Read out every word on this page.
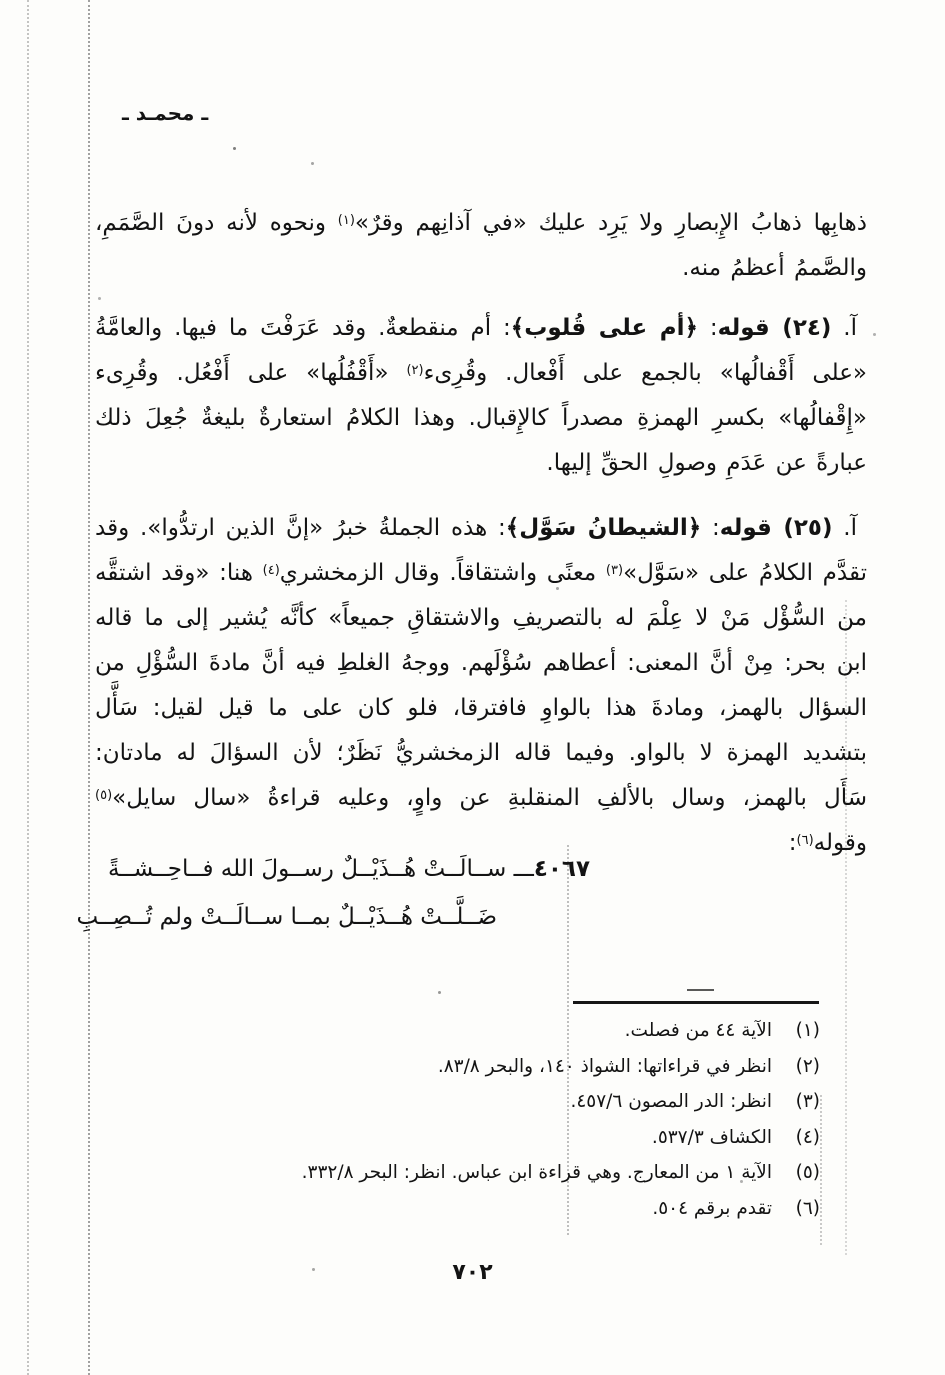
ـ محمـد ـ

ذهابِها ذهابُ الإِبصارِ ولا يَرِد عليك «في آذانِهم وقرٌ»$^{(١)}$ ونحوه لأنه دونَ الصَّمَمِ، والصَّممُ أعظمُ منه.

آ. (٢٤) قوله: ﴿أم على قُلوب﴾: أم منقطعةٌ. وقد عَرَفْتَ ما فيها. والعامَّةُ «على أَقْفالُها» بالجمع على أَفْعال. وقُرِىء$^{(٢)}$ «أَقْفُلُها» على أَفْعُل. وقُرِىء «إِقْفالُها» بكسرِ الهمزةِ مصدراً كالإِقبال. وهذا الكلامُ استعارةٌ بليغةٌ جُعِلَ ذلك عبارةً عن عَدَمِ وصولِ الحقِّ إليها.

آ. (٢٥) قوله: ﴿الشيطانُ سَوَّل﴾: هذه الجملةُ خبرُ «إنَّ الذين ارتدُّوا». وقد تقدَّم الكلامُ على «سَوَّل»$^{(٣)}$ معنًى واشتقاقاً. وقال الزمخشري$^{(٤)}$ هنا: «وقد اشتقَّه من السُّؤْل مَنْ لا عِلْمَ له بالتصريفِ والاشتقاقِ جميعاً» كأنَّه يُشير إلى ما قاله ابن بحر: مِنْ أنَّ المعنى: أعطاهم سُؤْلَهم. ووجهُ الغلطِ فيه أنَّ مادةَ السُّؤْلِ من السؤال بالهمز، ومادةَ هذا بالواوِ فافترقا، فلو كان على ما قيل لقيل: سَأَّل بتشديد الهمزة لا بالواو. وفيما قاله الزمخشريُّ نَظَرٌ؛ لأن السؤالَ له مادتان: سَأَل بالهمز، وسال بالألفِ المنقلبةِ عن واوٍ، وعليه قراءةُ «سال سايل»$^{(٥)}$ وقوله$^{(٦)}$:

٤٠٦٧ـــ ســالَــتْ هُــذَيْــلٌ رســولَ الله فــاحِــشــةً
ضَــلَّــتْ هُــذَيْــلٌ بمــا ســالَــتْ ولم تُــصِــبِ
(١)
الآية ٤٤ من فصلت.
(٢)
انظر في قراءاتها: الشواذ ١٤٠، والبحر ٨٣/٨.
(٣)
انظر: الدر المصون ٤٥٧/٦.
(٤)
الكشاف ٥٣٧/٣.
(٥)
الآية ١ من المعارج. وهي قراءة ابن عباس. انظر: البحر ٣٣٢/٨.
(٦)
تقدم برقم ٥٠٤.
٧٠٢
